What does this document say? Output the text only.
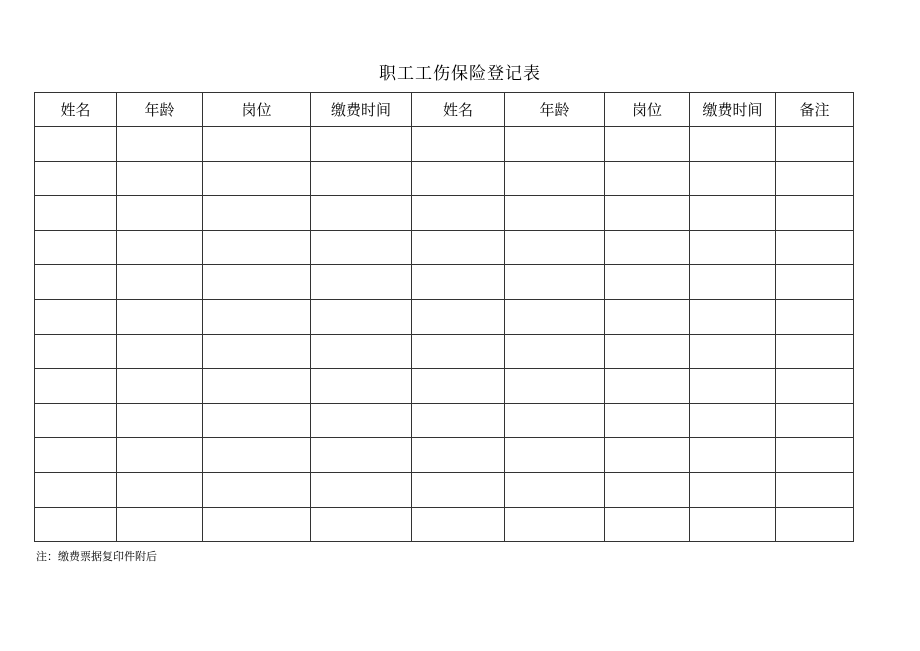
职工工伤保险登记表
姓名	年龄	岗位	缴费时间	姓名	年龄	岗位	缴费时间	备注

注：缴费票据复印件附后
